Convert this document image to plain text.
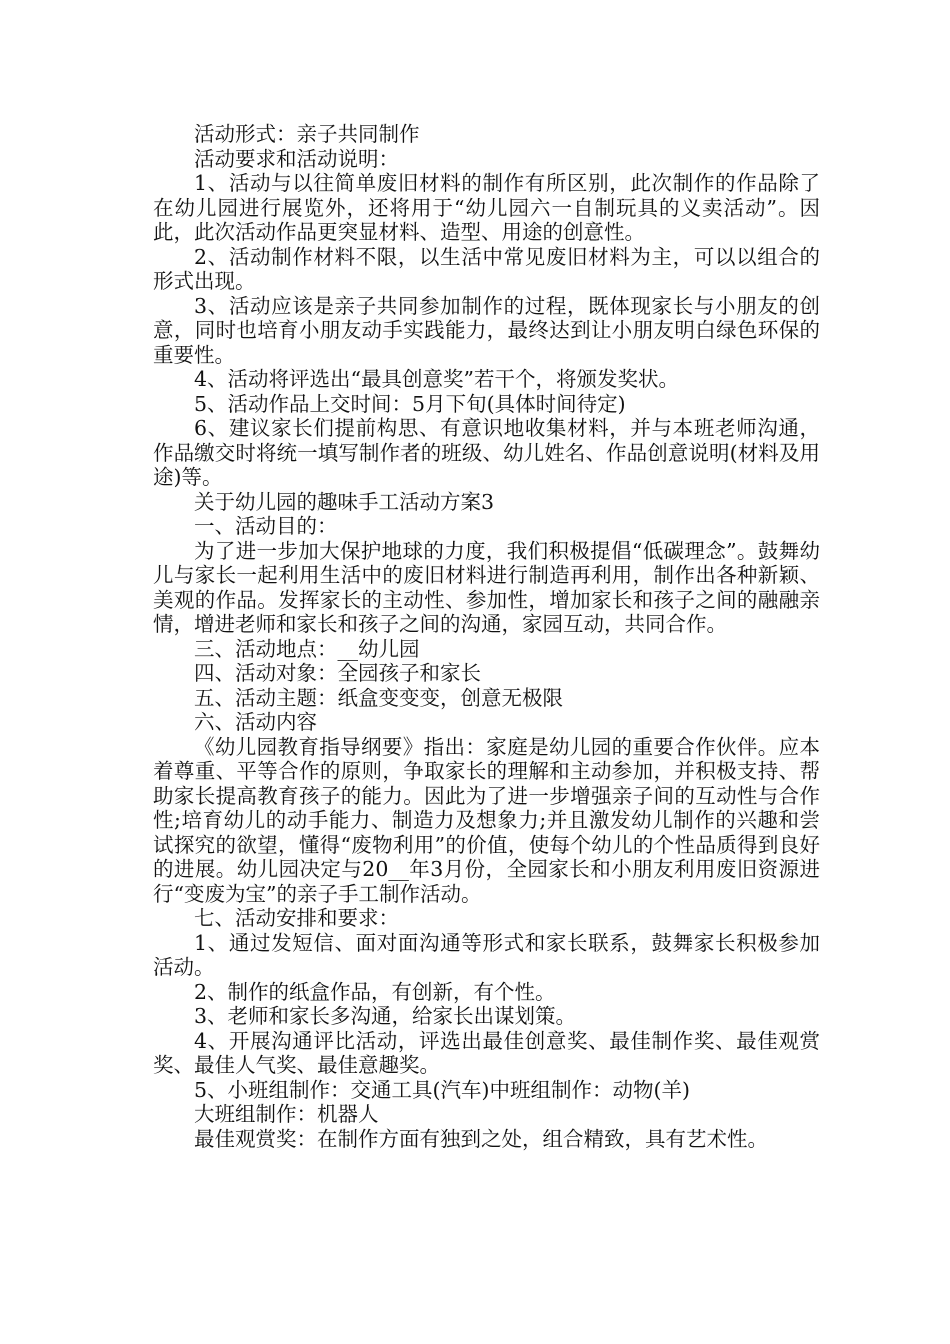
活动形式：亲子共同制作

活动要求和活动说明：

1、活动与以往简单废旧材料的制作有所区别，此次制作的作品除了在幼儿园进行展览外，还将用于“幼儿园六一自制玩具的义卖活动”。因此，此次活动作品更突显材料、造型、用途的创意性。

2、活动制作材料不限，以生活中常见废旧材料为主，可以以组合的形式出现。

3、活动应该是亲子共同参加制作的过程，既体现家长与小朋友的创意，同时也培育小朋友动手实践能力，最终达到让小朋友明白绿色环保的重要性。

4、活动将评选出“最具创意奖”若干个，将颁发奖状。

5、活动作品上交时间：5月下旬(具体时间待定)

6、建议家长们提前构思、有意识地收集材料，并与本班老师沟通，作品缴交时将统一填写制作者的班级、幼儿姓名、作品创意说明(材料及用途)等。

关于幼儿园的趣味手工活动方案3

一、活动目的：

为了进一步加大保护地球的力度，我们积极提倡“低碳理念”。鼓舞幼儿与家长一起利用生活中的废旧材料进行制造再利用，制作出各种新颖、美观的作品。发挥家长的主动性、参加性，增加家长和孩子之间的融融亲情，增进老师和家长和孩子之间的沟通，家园互动，共同合作。

三、活动地点：__幼儿园

四、活动对象：全园孩子和家长

五、活动主题：纸盒变变变，创意无极限

六、活动内容

《幼儿园教育指导纲要》指出：家庭是幼儿园的重要合作伙伴。应本着尊重、平等合作的原则，争取家长的理解和主动参加，并积极支持、帮助家长提高教育孩子的能力。因此为了进一步增强亲子间的互动性与合作性;培育幼儿的动手能力、制造力及想象力;并且激发幼儿制作的兴趣和尝试探究的欲望，懂得“废物利用”的价值，使每个幼儿的个性品质得到良好的进展。幼儿园决定与20__年3月份，全园家长和小朋友利用废旧资源进行“变废为宝”的亲子手工制作活动。

七、活动安排和要求：

1、通过发短信、面对面沟通等形式和家长联系，鼓舞家长积极参加活动。

2、制作的纸盒作品，有创新，有个性。

3、老师和家长多沟通，给家长出谋划策。

4、开展沟通评比活动，评选出最佳创意奖、最佳制作奖、最佳观赏奖、最佳人气奖、最佳意趣奖。

5、小班组制作：交通工具(汽车)中班组制作：动物(羊)

大班组制作：机器人

最佳观赏奖：在制作方面有独到之处，组合精致，具有艺术性。
